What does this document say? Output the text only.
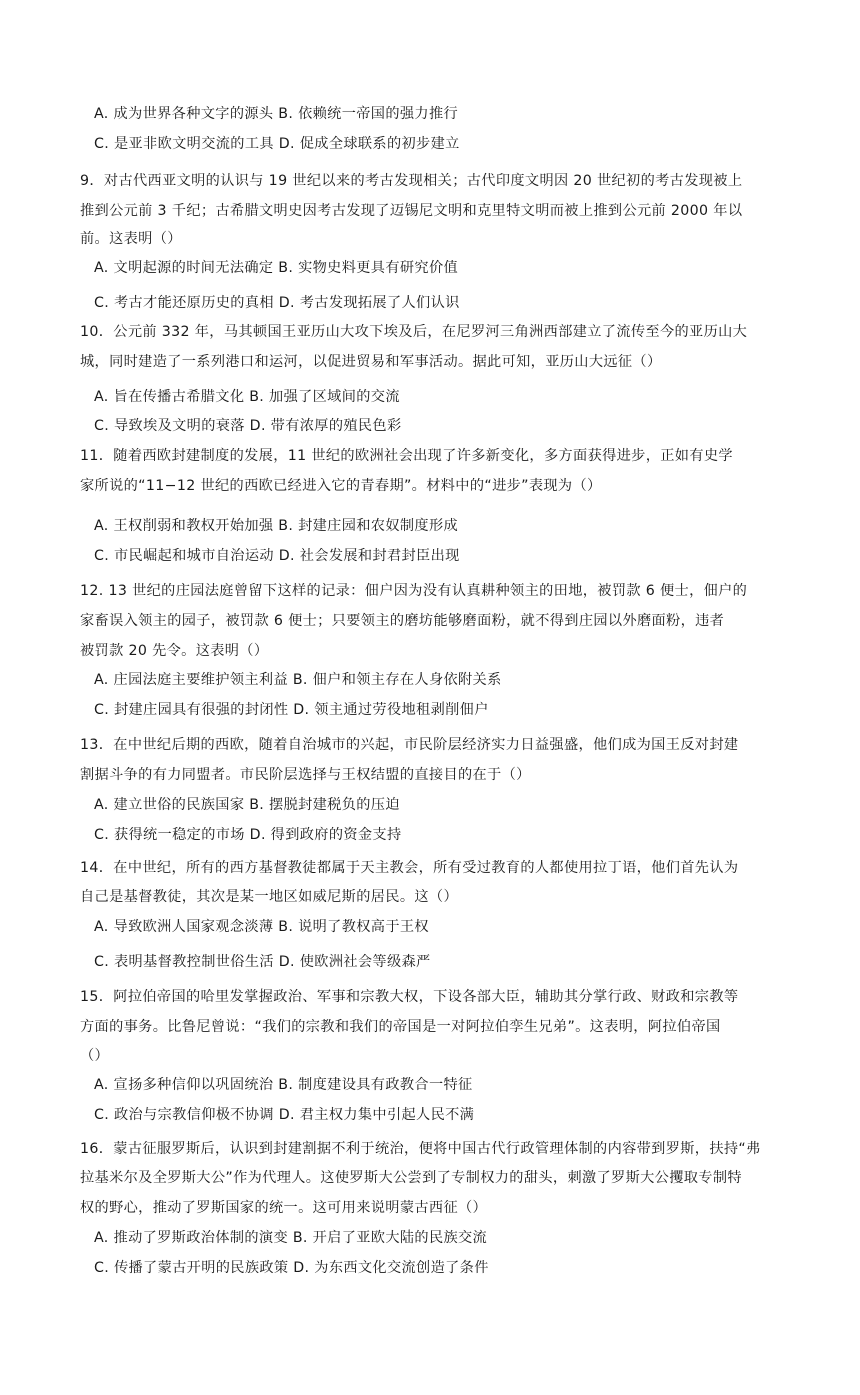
A. 成为世界各种文字的源头 B. 依赖统一帝国的强力推行
C. 是亚非欧文明交流的工具 D. 促成全球联系的初步建立
9．对古代西亚文明的认识与 19 世纪以来的考古发现相关；古代印度文明因 20 世纪初的考古发现被上
推到公元前 3 千纪；古希腊文明史因考古发现了迈锡尼文明和克里特文明而被上推到公元前 2000 年以
前。这表明（）
A. 文明起源的时间无法确定 B. 实物史料更具有研究价值
C. 考古才能还原历史的真相 D. 考古发现拓展了人们认识
10．公元前 332 年，马其顿国王亚历山大攻下埃及后，在尼罗河三角洲西部建立了流传至今的亚历山大
城，同时建造了一系列港口和运河，以促进贸易和军事活动。据此可知，亚历山大远征（）
A. 旨在传播古希腊文化 B. 加强了区域间的交流
C. 导致埃及文明的衰落 D. 带有浓厚的殖民色彩
11．随着西欧封建制度的发展，11 世纪的欧洲社会出现了许多新变化，多方面获得进步，正如有史学
家所说的“11−12 世纪的西欧已经进入它的青春期”。材料中的“进步”表现为（）
A. 王权削弱和教权开始加强 B. 封建庄园和农奴制度形成
C. 市民崛起和城市自治运动 D. 社会发展和封君封臣出现
12. 13 世纪的庄园法庭曾留下这样的记录：佃户因为没有认真耕种领主的田地，被罚款 6 便士，佃户的
家畜误入领主的园子，被罚款 6 便士；只要领主的磨坊能够磨面粉，就不得到庄园以外磨面粉，违者
被罚款 20 先令。这表明（）
A. 庄园法庭主要维护领主利益 B. 佃户和领主存在人身依附关系
C. 封建庄园具有很强的封闭性 D. 领主通过劳役地租剥削佃户
13．在中世纪后期的西欧，随着自治城市的兴起，市民阶层经济实力日益强盛，他们成为国王反对封建
割据斗争的有力同盟者。市民阶层选择与王权结盟的直接目的在于（）
A. 建立世俗的民族国家 B. 摆脱封建税负的压迫
C. 获得统一稳定的市场 D. 得到政府的资金支持
14．在中世纪，所有的西方基督教徒都属于天主教会，所有受过教育的人都使用拉丁语，他们首先认为
自己是基督教徒，其次是某一地区如威尼斯的居民。这（）
A. 导致欧洲人国家观念淡薄 B. 说明了教权高于王权
C. 表明基督教控制世俗生活 D. 使欧洲社会等级森严
15．阿拉伯帝国的哈里发掌握政治、军事和宗教大权，下设各部大臣，辅助其分掌行政、财政和宗教等
方面的事务。比鲁尼曾说：“我们的宗教和我们的帝国是一对阿拉伯孪生兄弟”。这表明，阿拉伯帝国
（）
A. 宣扬多种信仰以巩固统治 B. 制度建设具有政教合一特征
C. 政治与宗教信仰极不协调 D. 君主权力集中引起人民不满
16．蒙古征服罗斯后，认识到封建割据不利于统治，便将中国古代行政管理体制的内容带到罗斯，扶持“弗
拉基米尔及全罗斯大公”作为代理人。这使罗斯大公尝到了专制权力的甜头，刺激了罗斯大公攫取专制特
权的野心，推动了罗斯国家的统一。这可用来说明蒙古西征（）
A. 推动了罗斯政治体制的演变 B. 开启了亚欧大陆的民族交流
C. 传播了蒙古开明的民族政策 D. 为东西文化交流创造了条件
